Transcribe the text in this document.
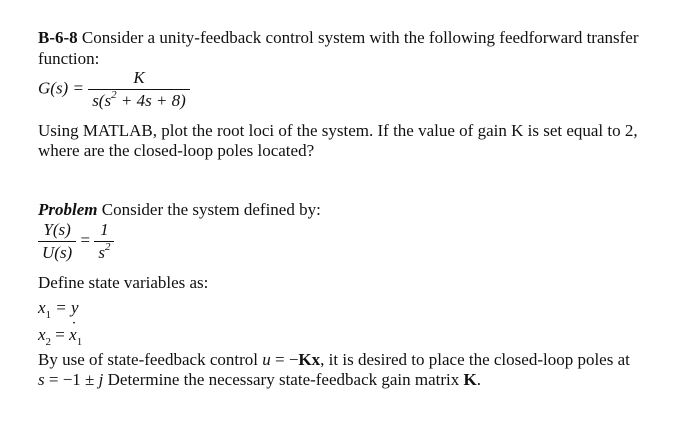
B-6-8 Consider a unity-feedback control system with the following feedforward transfer
function:
$G(s) = \frac{K}{s(s^2 + 4s + 8)}$
Using MATLAB, plot the root loci of the system. If the value of gain K is set equal to 2,
where are the closed-loop poles located?
Problem Consider the system defined by:
$\frac{Y(s)}{U(s)} = \frac{1}{s^2}$
Define state variables as:
$x_1 = y$
$x_2 = x$ $˙_1$
By use of state-feedback control u = −Kx, it is desired to place the closed-loop poles at
s = −1 ± j Determine the necessary state-feedback gain matrix K.
